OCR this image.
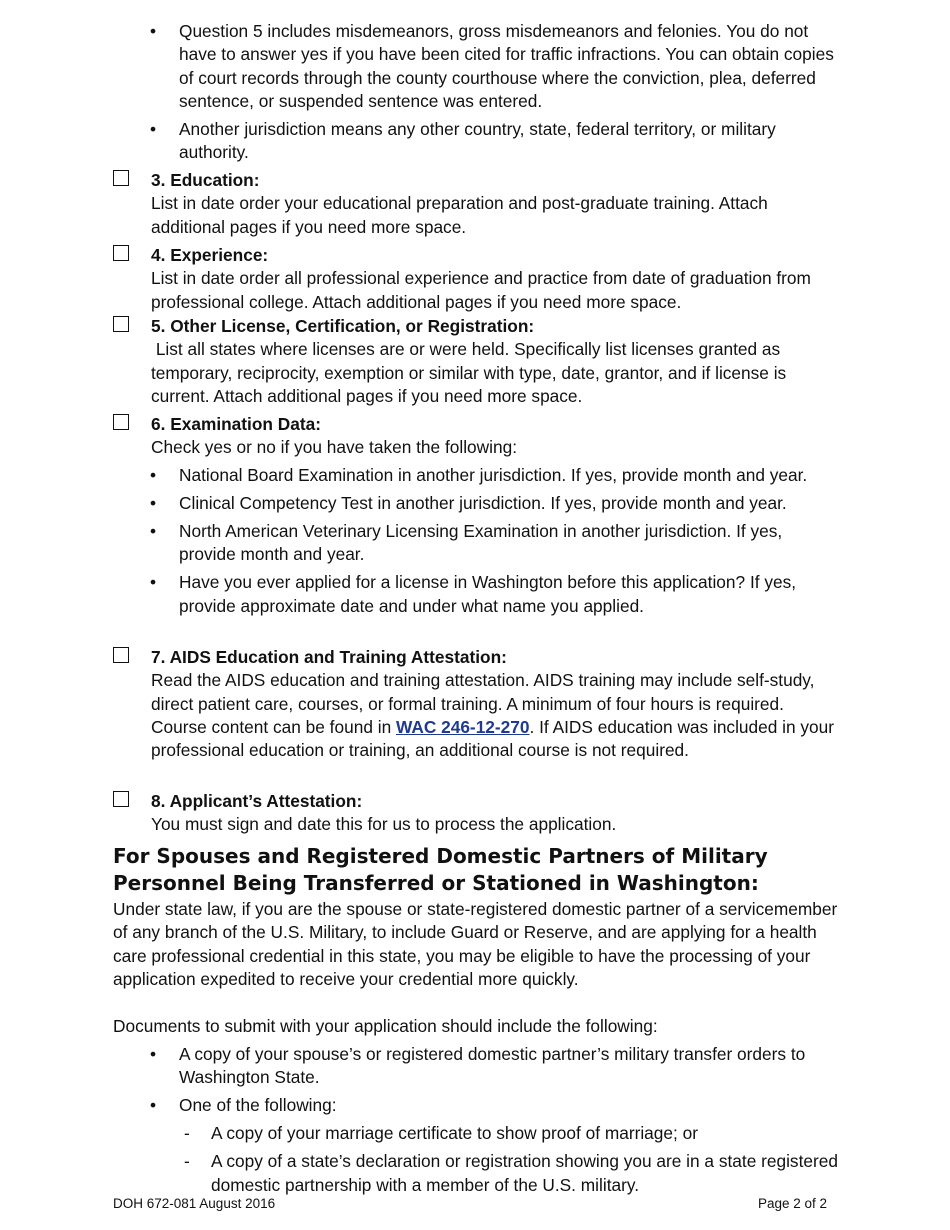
• Question 5 includes misdemeanors, gross misdemeanors and felonies. You do not have to answer yes if you have been cited for traffic infractions. You can obtain copies of court records through the county courthouse where the conviction, plea, deferred sentence, or suspended sentence was entered.
• Another jurisdiction means any other country, state, federal territory, or military authority.
3. Education:
List in date order your educational preparation and post-graduate training. Attach additional pages if you need more space.
4. Experience:
List in date order all professional experience and practice from date of graduation from professional college. Attach additional pages if you need more space.
5. Other License, Certification, or Registration:
List all states where licenses are or were held. Specifically list licenses granted as temporary, reciprocity, exemption or similar with type, date, grantor, and if license is current. Attach additional pages if you need more space.
6. Examination Data:
Check yes or no if you have taken the following:
• National Board Examination in another jurisdiction. If yes, provide month and year.
• Clinical Competency Test in another jurisdiction. If yes, provide month and year.
• North American Veterinary Licensing Examination in another jurisdiction. If yes, provide month and year.
• Have you ever applied for a license in Washington before this application? If yes, provide approximate date and under what name you applied.
7. AIDS Education and Training Attestation:
Read the AIDS education and training attestation. AIDS training may include self-study, direct patient care, courses, or formal training. A minimum of four hours is required. Course content can be found in WAC 246-12-270. If AIDS education was included in your professional education or training, an additional course is not required.
8. Applicant’s Attestation:
You must sign and date this for us to process the application.
For Spouses and Registered Domestic Partners of Military Personnel Being Transferred or Stationed in Washington:
Under state law, if you are the spouse or state-registered domestic partner of a servicemember of any branch of the U.S. Military, to include Guard or Reserve, and are applying for a health care professional credential in this state, you may be eligible to have the processing of your application expedited to receive your credential more quickly.
Documents to submit with your application should include the following:
• A copy of your spouse’s or registered domestic partner’s military transfer orders to Washington State.
• One of the following:
- A copy of your marriage certificate to show proof of marriage; or
- A copy of a state’s declaration or registration showing you are in a state registered domestic partnership with a member of the U.S. military.
DOH 672-081 August 2016	Page 2 of 2
